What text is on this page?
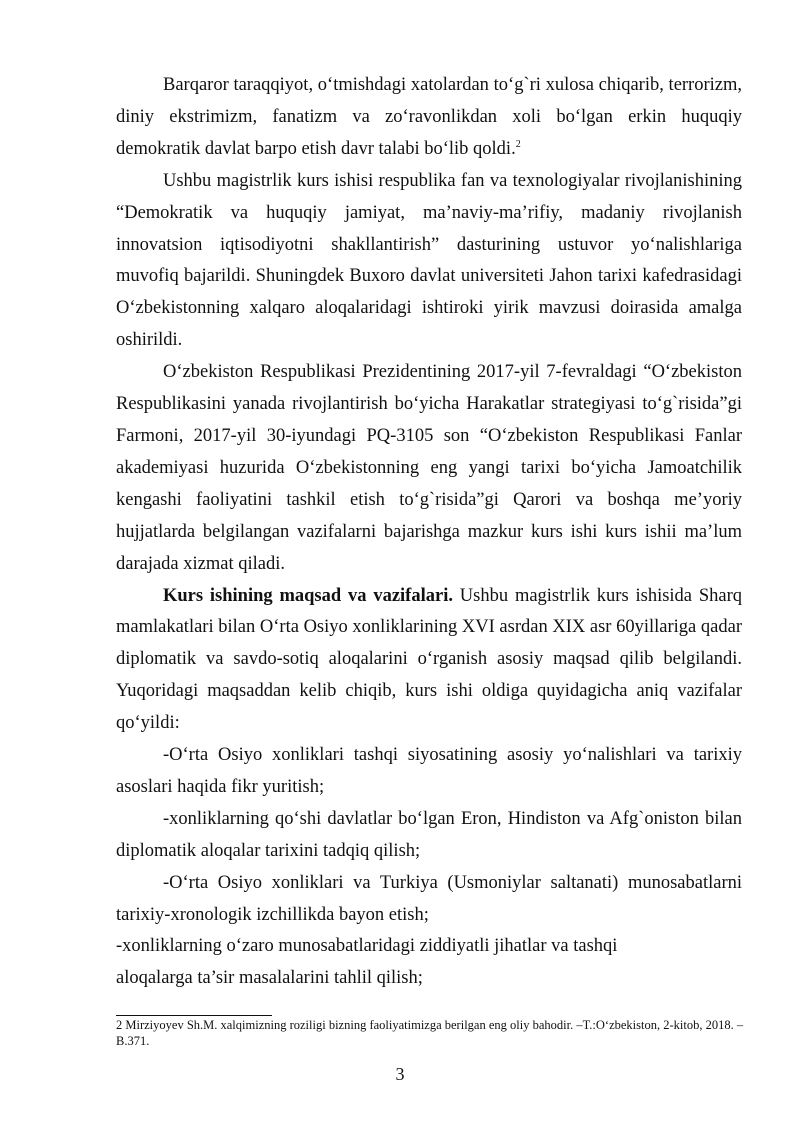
Barqaror taraqqiyot, o‘tmishdagi xatolardan to‘g`ri xulosa chiqarib, terrorizm, diniy ekstrimizm, fanatizm va zo‘ravonlikdan xoli bo‘lgan erkin huquqiy demokratik davlat barpo etish davr talabi bo‘lib qoldi.$^2$

Ushbu magistrlik kurs ishisi respublika fan va texnologiyalar rivojlanishining “Demokratik va huquqiy jamiyat, ma’naviy-ma’rifiy, madaniy rivojlanish innovatsion iqtisodiyotni shakllantirish” dasturining ustuvor yo‘nalishlariga muvofiq bajarildi. Shuningdek Buxoro davlat universiteti Jahon tarixi kafedrasidagi O‘zbekistonning xalqaro aloqalaridagi ishtiroki yirik mavzusi doirasida amalga oshirildi.

O‘zbekiston Respublikasi Prezidentining 2017-yil 7-fevraldagi “O‘zbekiston Respublikasini yanada rivojlantirish bo‘yicha Harakatlar strategiyasi to‘g`risida”gi Farmoni, 2017-yil 30-iyundagi PQ-3105 son “O‘zbekiston Respublikasi Fanlar akademiyasi huzurida O‘zbekistonning eng yangi tarixi bo‘yicha Jamoatchilik kengashi faoliyatini tashkil etish to‘g`risida”gi Qarori va boshqa me’yoriy hujjatlarda belgilangan vazifalarni bajarishga mazkur kurs ishi kurs ishii ma’lum darajada xizmat qiladi.

Kurs ishining maqsad va vazifalari. Ushbu magistrlik kurs ishisida Sharq mamlakatlari bilan O‘rta Osiyo xonliklarining XVI asrdan XIX asr 60yillariga qadar diplomatik va savdo-sotiq aloqalarini o‘rganish asosiy maqsad qilib belgilandi. Yuqoridagi maqsaddan kelib chiqib, kurs ishi oldiga quyidagicha aniq vazifalar qo‘yildi:

-O‘rta Osiyo xonliklari tashqi siyosatining asosiy yo‘nalishlari va tarixiy asoslari haqida fikr yuritish;

-xonliklarning qo‘shi davlatlar bo‘lgan Eron, Hindiston va Afg`oniston bilan diplomatik aloqalar tarixini tadqiq qilish;

-O‘rta Osiyo xonliklari va Turkiya (Usmoniylar saltanati) munosabatlarni tarixiy-xronologik izchillikda bayon etish;

-xonliklarning o‘zaro munosabatlaridagi ziddiyatli jihatlar va tashqi

aloqalarga ta’sir masalalarini tahlil qilish;

2 Mirziyoyev Sh.M. xalqimizning roziligi bizning faoliyatimizga berilgan eng oliy bahodir. –T.:O‘zbekiston, 2-kitob, 2018. –B.371.
3
